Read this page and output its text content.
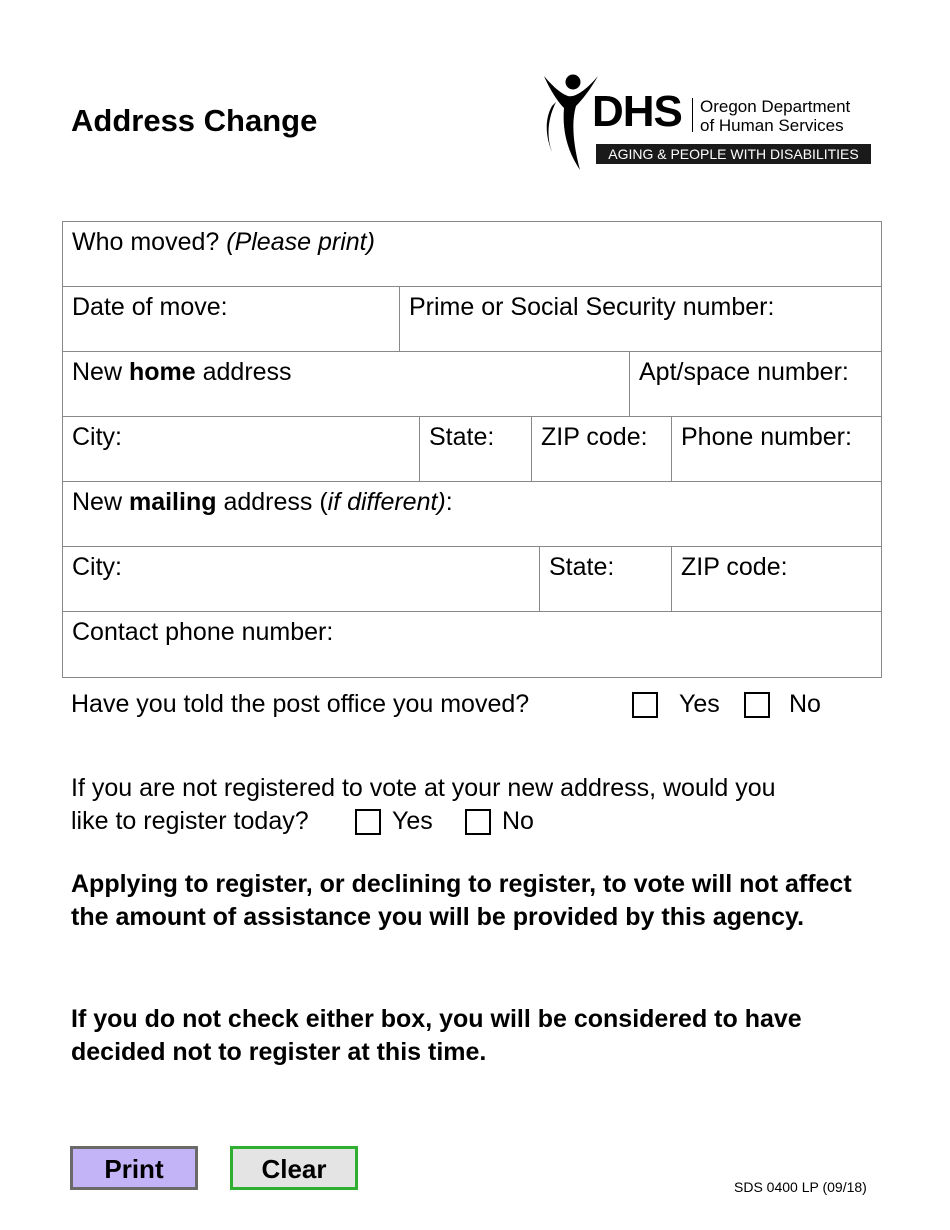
Address Change	DHS Oregon Department
of Human Services
AGING & PEOPLE WITH DISABILITIES
Who moved? (Please print)
Date of move:	Prime or Social Security number:
New home address	Apt/space number:
City:	State:	ZIP code:	Phone number:
New mailing address (if different):
City:	State:	ZIP code:
Contact phone number:
Have you told the post office you moved?	Yes	No
If you are not registered to vote at your new address, would you
like to register today?	Yes	No
Applying to register, or declining to register, to vote will not affect the amount of assistance you will be provided by this agency.
If you do not check either box, you will be considered to have decided not to register at this time.
Print	Clear
SDS 0400 LP (09/18)
